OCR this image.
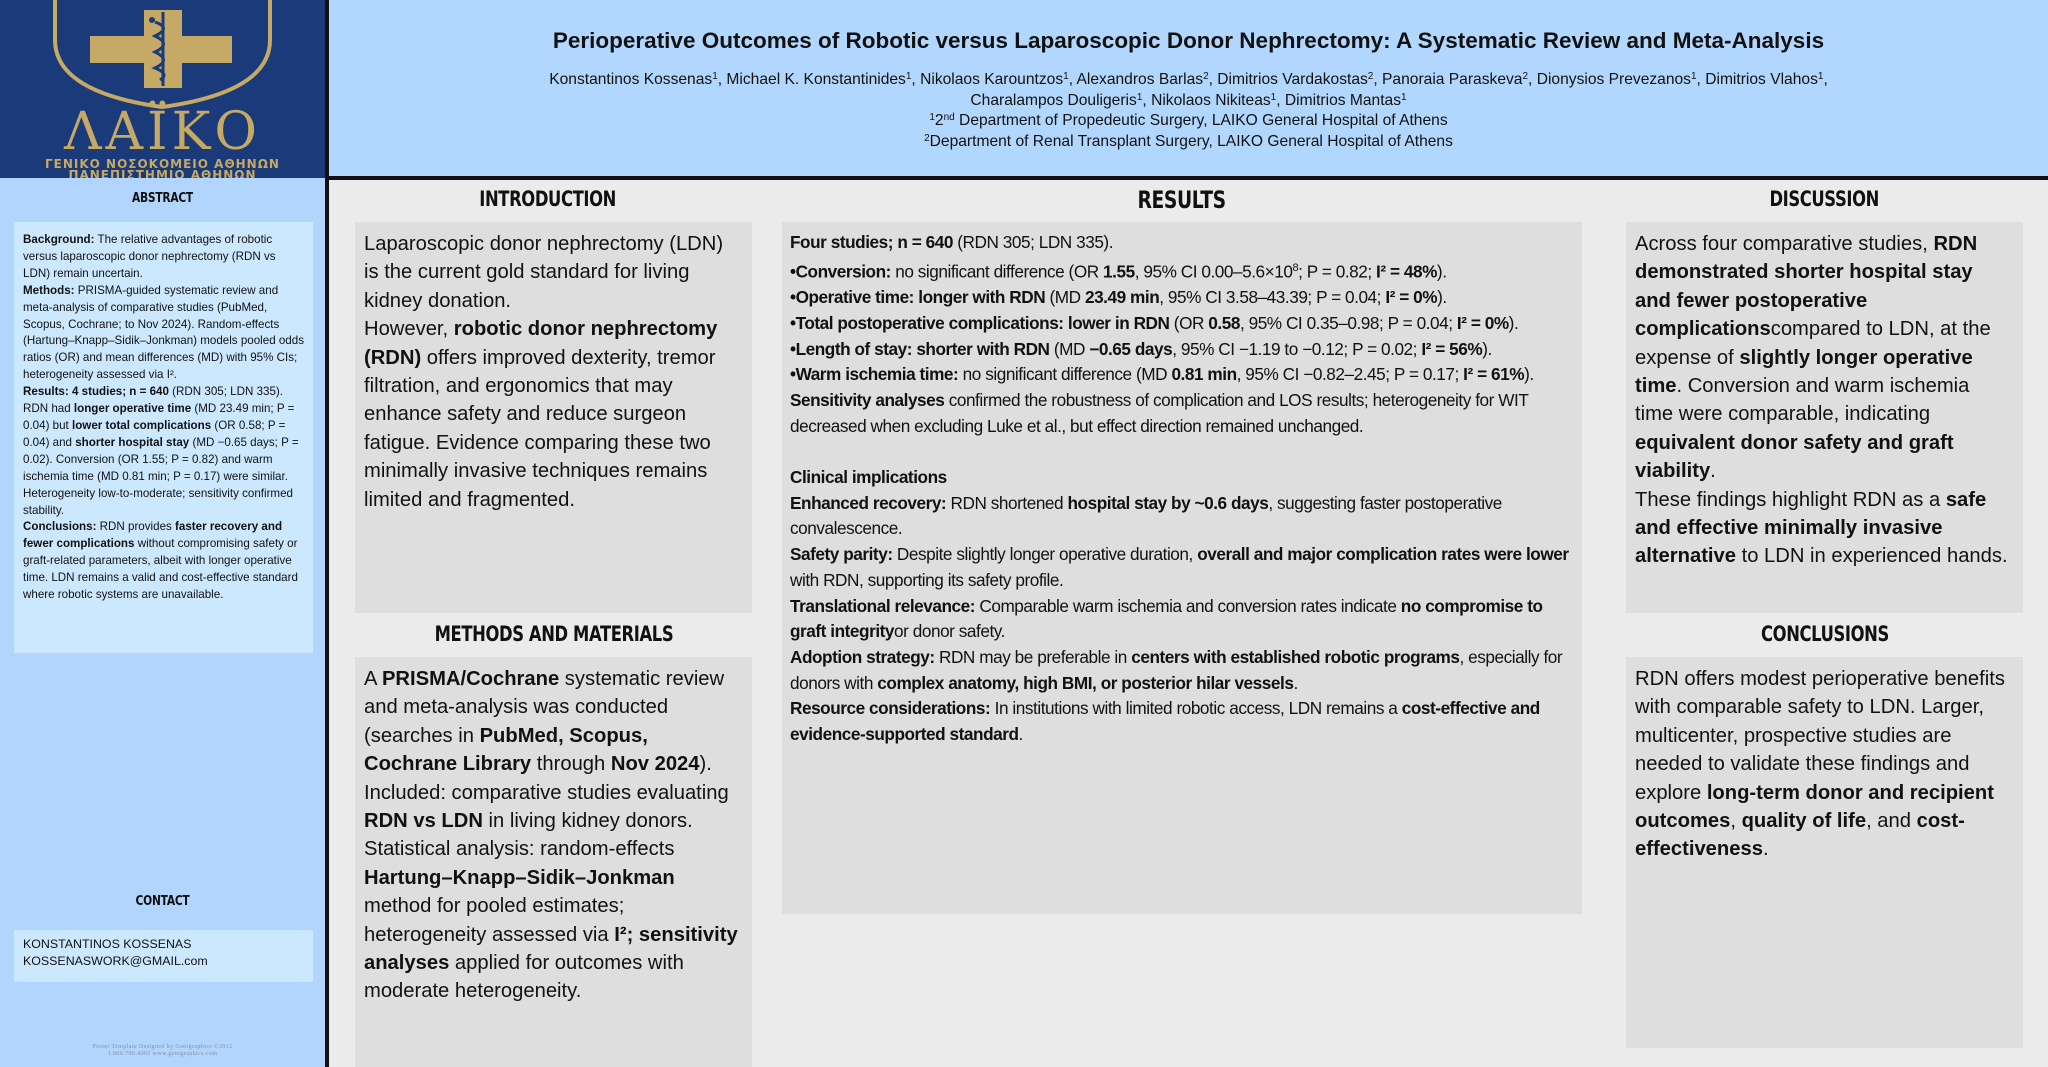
ΛΑΪΚΟ
ΓΕΝΙΚΟ ΝΟΣΟΚΟΜΕΙΟ ΑΘΗΝΩΝ
ΠΑΝΕΠΙΣΤΗΜΙΟ ΑΘΗΝΩΝ
ABSTRACT
Background: The relative advantages of robotic versus laparoscopic donor nephrectomy (RDN vs LDN) remain uncertain.
Methods: PRISMA-guided systematic review and meta-analysis of comparative studies (PubMed, Scopus, Cochrane; to Nov 2024). Random-effects (Hartung–Knapp–Sidik–Jonkman) models pooled odds ratios (OR) and mean differences (MD) with 95% CIs; heterogeneity assessed via I².
Results: 4 studies; n = 640 (RDN 305; LDN 335). RDN had longer operative time (MD 23.49 min; P = 0.04) but lower total complications (OR 0.58; P = 0.04) and shorter hospital stay (MD −0.65 days; P = 0.02). Conversion (OR 1.55; P = 0.82) and warm ischemia time (MD 0.81 min; P = 0.17) were similar. Heterogeneity low-to-moderate; sensitivity confirmed stability.
Conclusions: RDN provides faster recovery and fewer complications without compromising safety or graft-related parameters, albeit with longer operative time. LDN remains a valid and cost-effective standard where robotic systems are unavailable.
CONTACT
KONSTANTINOS KOSSENAS
KOSSENASWORK@GMAIL.com
Poster Template Designed by Genigraphics ©2012
1.800.790.4001 www.genigraphics.com
Perioperative Outcomes of Robotic versus Laparoscopic Donor Nephrectomy: A Systematic Review and Meta-Analysis
Konstantinos Kossenas$^1$, Michael K. Konstantinides$^1$, Nikolaos Karountzos$^1$, Alexandros Barlas$^2$, Dimitrios Vardakostas$^2$, Panoraia Paraskeva$^2$, Dionysios Prevezanos$^1$, Dimitrios Vlahos$^1$,
Charalampos Douligeris$^1$, Nikolaos Nikiteas$^1$, Dimitrios Mantas$^1$
$^1$2nd Department of Propedeutic Surgery, LAIKO General Hospital of Athens
$^2$Department of Renal Transplant Surgery, LAIKO General Hospital of Athens
INTRODUCTION
Laparoscopic donor nephrectomy (LDN) is the current gold standard for living kidney donation.
However, robotic donor nephrectomy (RDN) offers improved dexterity, tremor filtration, and ergonomics that may enhance safety and reduce surgeon fatigue. Evidence comparing these two minimally invasive techniques remains limited and fragmented.
METHODS AND MATERIALS
A PRISMA/Cochrane systematic review and meta-analysis was conducted (searches in PubMed, Scopus, Cochrane Library through Nov 2024).
Included: comparative studies evaluating RDN vs LDN in living kidney donors.
Statistical analysis: random-effects Hartung–Knapp–Sidik–Jonkman method for pooled estimates; heterogeneity assessed via I²; sensitivity analyses applied for outcomes with moderate heterogeneity.
RESULTS
Four studies; n = 640 (RDN 305; LDN 335).
•Conversion: no significant difference (OR 1.55, 95% CI $0.00-5.6\times 10^8$; P = 0.82; I² = 48%).
•Operative time: longer with RDN (MD 23.49 min, 95% CI 3.58–43.39; P = 0.04; I² = 0%).
•Total postoperative complications: lower in RDN (OR 0.58, 95% CI 0.35–0.98; P = 0.04; I² = 0%).
•Length of stay: shorter with RDN (MD −0.65 days, 95% CI −1.19 to −0.12; P = 0.02; I² = 56%).
•Warm ischemia time: no significant difference (MD 0.81 min, 95% CI −0.82–2.45; P = 0.17; I² = 61%).
Sensitivity analyses confirmed the robustness of complication and LOS results; heterogeneity for WIT decreased when excluding Luke et al., but effect direction remained unchanged.
Clinical implications
Enhanced recovery: RDN shortened hospital stay by ~0.6 days, suggesting faster postoperative convalescence.
Safety parity: Despite slightly longer operative duration, overall and major complication rates were lower with RDN, supporting its safety profile.
Translational relevance: Comparable warm ischemia and conversion rates indicate no compromise to graft integrityor donor safety.
Adoption strategy: RDN may be preferable in centers with established robotic programs, especially for donors with complex anatomy, high BMI, or posterior hilar vessels.
Resource considerations: In institutions with limited robotic access, LDN remains a cost-effective and evidence-supported standard.
DISCUSSION
Across four comparative studies, RDN demonstrated shorter hospital stay and fewer postoperative complicationscompared to LDN, at the expense of slightly longer operative time. Conversion and warm ischemia time were comparable, indicating equivalent donor safety and graft viability.
These findings highlight RDN as a safe and effective minimally invasive alternative to LDN in experienced hands.
CONCLUSIONS
RDN offers modest perioperative benefits with comparable safety to LDN. Larger, multicenter, prospective studies are needed to validate these findings and explore long-term donor and recipient outcomes, quality of life, and cost-effectiveness.
